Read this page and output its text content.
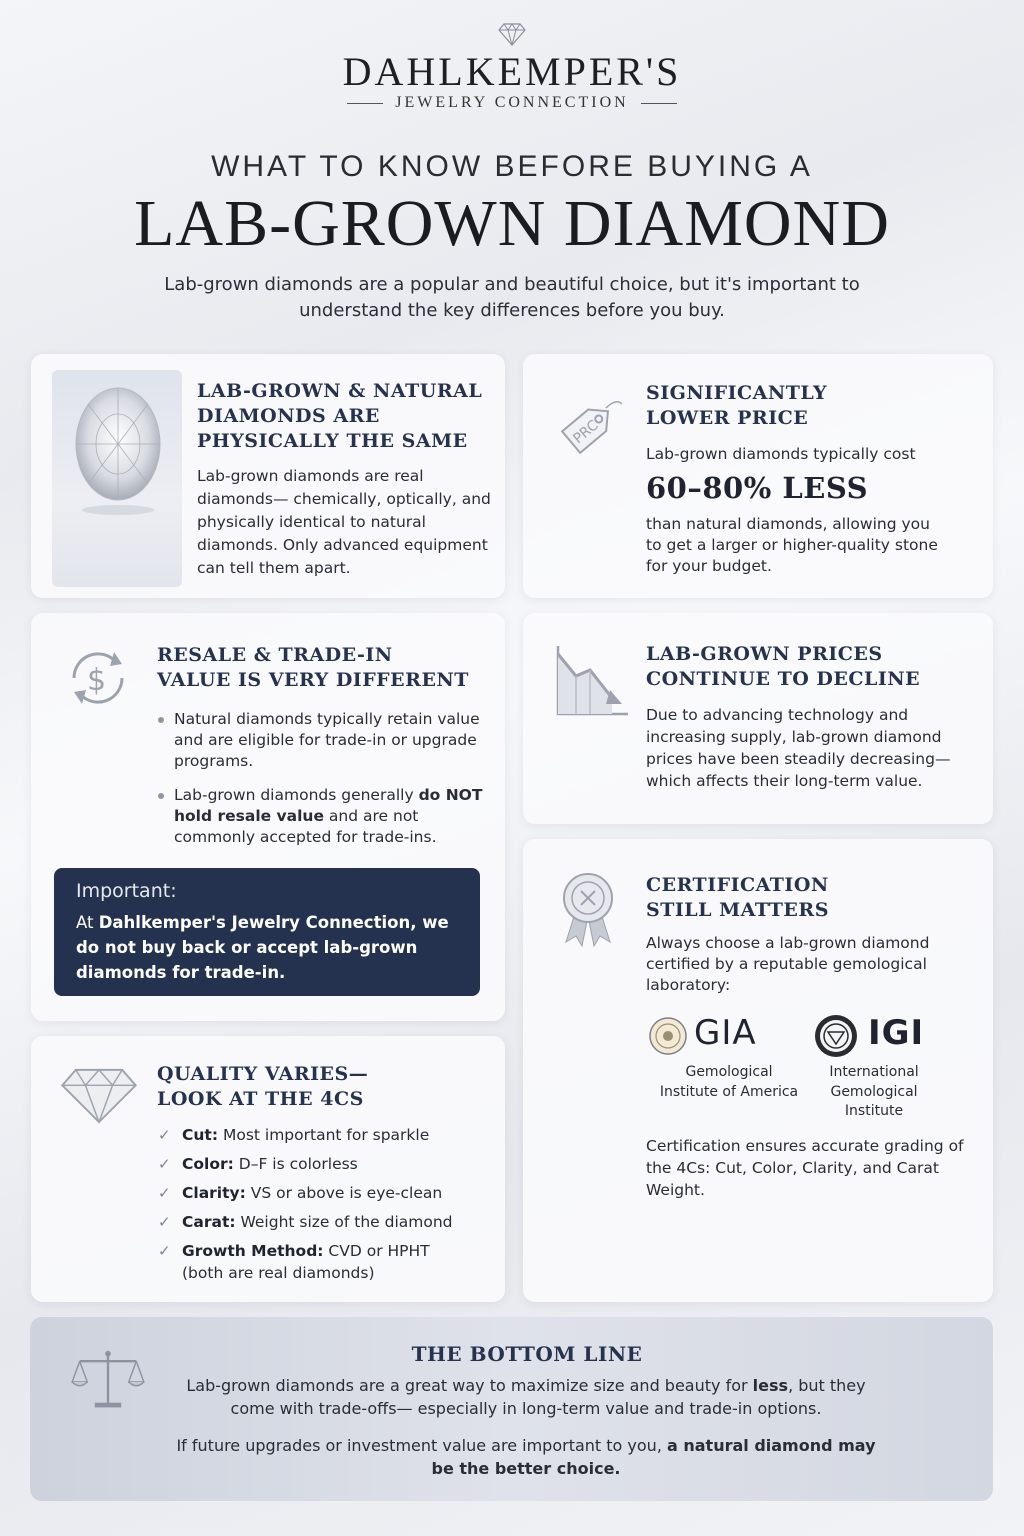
DAHLKEMPER'S
JEWELRY CONNECTION
WHAT TO KNOW BEFORE BUYING A
LAB-GROWN DIAMOND
Lab-grown diamonds are a popular and beautiful choice, but it's important to understand the key differences before you buy.
LAB-GROWN & NATURAL
DIAMONDS ARE
PHYSICALLY THE SAME
Lab-grown diamonds are real diamonds— chemically, optically, and physically identical to natural diamonds. Only advanced equipment can tell them apart.
PRC
SIGNIFICANTLY
LOWER PRICE
Lab-grown diamonds typically cost
60–80% LESS
than natural diamonds, allowing you to get a larger or higher-quality stone for your budget.
$
RESALE & TRADE-IN
VALUE IS VERY DIFFERENT
Natural diamonds typically retain value and are eligible for trade-in or upgrade programs.
Lab-grown diamonds generally do NOT hold resale value and are not commonly accepted for trade-ins.
Important:
At Dahlkemper's Jewelry Connection, we do not buy back or accept lab-grown diamonds for trade-in.
LAB-GROWN PRICES
CONTINUE TO DECLINE
Due to advancing technology and increasing supply, lab-grown diamond prices have been steadily decreasing— which affects their long-term value.
CERTIFICATION
STILL MATTERS
Always choose a lab-grown diamond certified by a reputable gemological laboratory:
GIA
Gemological
Institute of America
IGI
International
Gemological
Institute
Certification ensures accurate grading of the 4Cs: Cut, Color, Clarity, and Carat Weight.
QUALITY VARIES—
LOOK AT THE 4CS
✓ Cut: Most important for sparkle
✓ Color: D–F is colorless
✓ Clarity: VS or above is eye-clean
✓ Carat: Weight size of the diamond
✓ Growth Method: CVD or HPHT
(both are real diamonds)
THE BOTTOM LINE
Lab-grown diamonds are a great way to maximize size and beauty for less, but they come with trade-offs— especially in long-term value and trade-in options.
If future upgrades or investment value are important to you, a natural diamond may be the better choice.
